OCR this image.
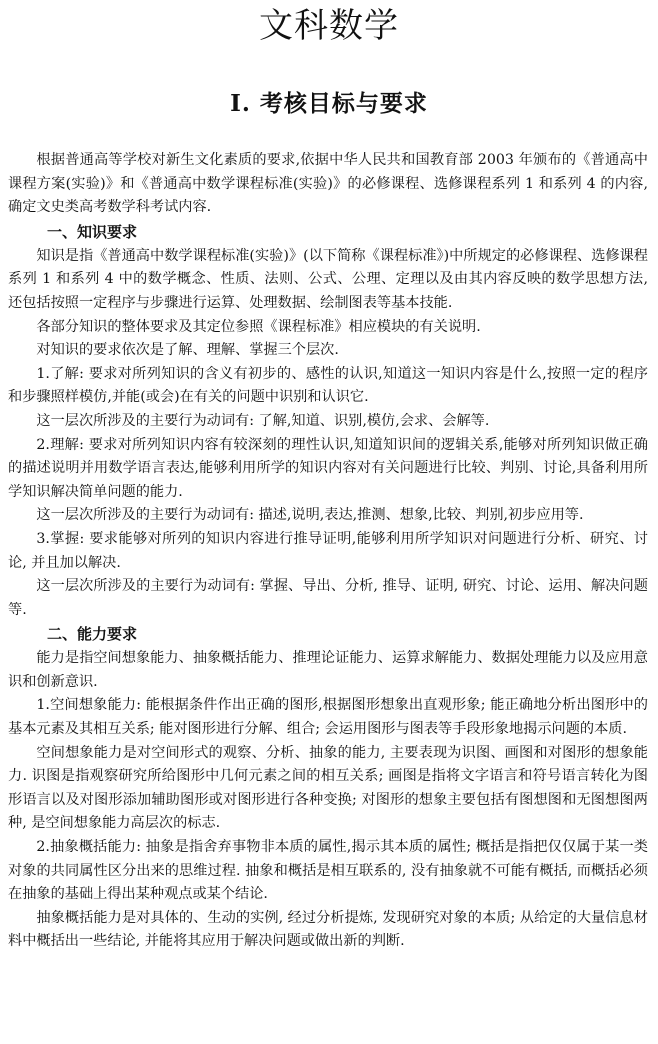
文科数学
Ⅰ. 考核目标与要求

根据普通高等学校对新生文化素质的要求,依据中华人民共和国教育部 2003 年颁布的《普通高中课程方案(实验)》和《普通高中数学课程标准(实验)》的必修课程、选修课程系列 1 和系列 4 的内容,确定文史类高考数学科考试内容.

一、知识要求

知识是指《普通高中数学课程标准(实验)》(以下简称《课程标准》)中所规定的必修课程、选修课程系列 1 和系列 4 中的数学概念、性质、法则、公式、公理、定理以及由其内容反映的数学思想方法, 还包括按照一定程序与步骤进行运算、处理数据、绘制图表等基本技能.

各部分知识的整体要求及其定位参照《课程标准》相应模块的有关说明.

对知识的要求依次是了解、理解、掌握三个层次.

1.了解: 要求对所列知识的含义有初步的、感性的认识,知道这一知识内容是什么,按照一定的程序和步骤照样模仿,并能(或会)在有关的问题中识别和认识它.

这一层次所涉及的主要行为动词有: 了解,知道、识别,模仿,会求、会解等.

2.理解: 要求对所列知识内容有较深刻的理性认识,知道知识间的逻辑关系,能够对所列知识做正确的描述说明并用数学语言表达,能够利用所学的知识内容对有关问题进行比较、判别、讨论,具备利用所学知识解决简单问题的能力.

这一层次所涉及的主要行为动词有: 描述,说明,表达,推测、想象,比较、判别,初步应用等.

3.掌握: 要求能够对所列的知识内容进行推导证明,能够利用所学知识对问题进行分析、研究、讨论, 并且加以解决.

这一层次所涉及的主要行为动词有: 掌握、导出、分析, 推导、证明, 研究、讨论、运用、解决问题等.

二、能力要求

能力是指空间想象能力、抽象概括能力、推理论证能力、运算求解能力、数据处理能力以及应用意识和创新意识.

1.空间想象能力: 能根据条件作出正确的图形,根据图形想象出直观形象; 能正确地分析出图形中的基本元素及其相互关系; 能对图形进行分解、组合; 会运用图形与图表等手段形象地揭示问题的本质.

空间想象能力是对空间形式的观察、分析、抽象的能力, 主要表现为识图、画图和对图形的想象能力. 识图是指观察研究所给图形中几何元素之间的相互关系; 画图是指将文字语言和符号语言转化为图形语言以及对图形添加辅助图形或对图形进行各种变换; 对图形的想象主要包括有图想图和无图想图两种, 是空间想象能力高层次的标志.

2.抽象概括能力: 抽象是指舍弃事物非本质的属性,揭示其本质的属性; 概括是指把仅仅属于某一类对象的共同属性区分出来的思维过程. 抽象和概括是相互联系的, 没有抽象就不可能有概括, 而概括必须在抽象的基础上得出某种观点或某个结论.

抽象概括能力是对具体的、生动的实例, 经过分析提炼, 发现研究对象的本质; 从给定的大量信息材料中概括出一些结论, 并能将其应用于解决问题或做出新的判断.
